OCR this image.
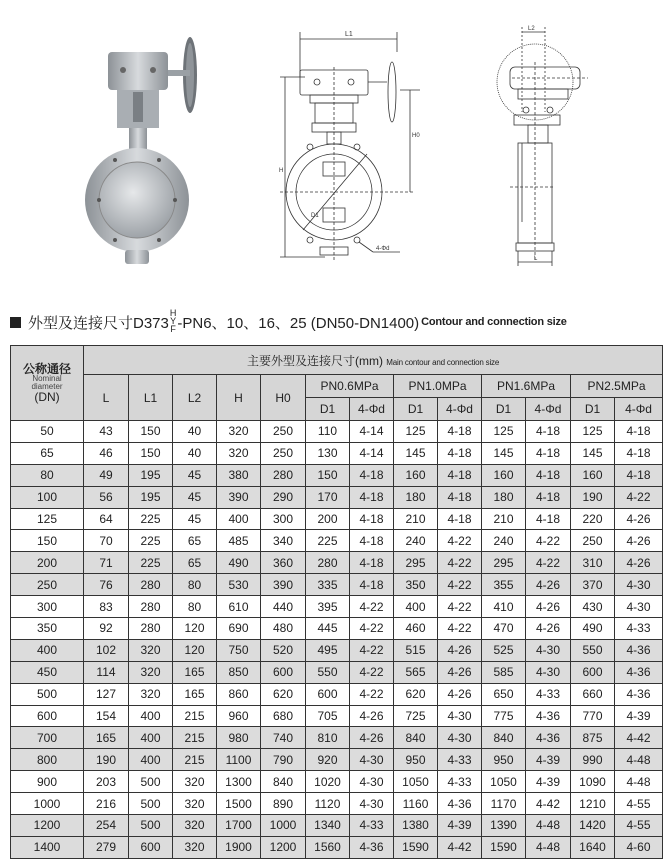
L1
D1
H
H0
4-Φd
L2
L
外型及连接尺寸D373
H
Y
F -PN6、10、16、25 (DN50-DN1400) Contour and connection size
公称通径
Nominal
diameter
(DN)	主要外型及连接尺寸(mm) Main contour and connection size												
	L	L1	L2	H	H0	PN0.6MPa		PN1.0MPa		PN1.6MPa		PN2.5MPa	
						D1	4-Φd	D1	4-Φd	D1	4-Φd	D1	4-Φd
50	43	150	40	320	250	110	4-14	125	4-18	125	4-18	125	4-18
65	46	150	40	320	250	130	4-14	145	4-18	145	4-18	145	4-18
80	49	195	45	380	280	150	4-18	160	4-18	160	4-18	160	4-18
100	56	195	45	390	290	170	4-18	180	4-18	180	4-18	190	4-22
125	64	225	45	400	300	200	4-18	210	4-18	210	4-18	220	4-26
150	70	225	65	485	340	225	4-18	240	4-22	240	4-22	250	4-26
200	71	225	65	490	360	280	4-18	295	4-22	295	4-22	310	4-26
250	76	280	80	530	390	335	4-18	350	4-22	355	4-26	370	4-30
300	83	280	80	610	440	395	4-22	400	4-22	410	4-26	430	4-30
350	92	280	120	690	480	445	4-22	460	4-22	470	4-26	490	4-33
400	102	320	120	750	520	495	4-22	515	4-26	525	4-30	550	4-36
450	114	320	165	850	600	550	4-22	565	4-26	585	4-30	600	4-36
500	127	320	165	860	620	600	4-22	620	4-26	650	4-33	660	4-36
600	154	400	215	960	680	705	4-26	725	4-30	775	4-36	770	4-39
700	165	400	215	980	740	810	4-26	840	4-30	840	4-36	875	4-42
800	190	400	215	1100	790	920	4-30	950	4-33	950	4-39	990	4-48
900	203	500	320	1300	840	1020	4-30	1050	4-33	1050	4-39	1090	4-48
1000	216	500	320	1500	890	1120	4-30	1160	4-36	1170	4-42	1210	4-55
1200	254	500	320	1700	1000	1340	4-33	1380	4-39	1390	4-48	1420	4-55
1400	279	600	320	1900	1200	1560	4-36	1590	4-42	1590	4-48	1640	4-60
